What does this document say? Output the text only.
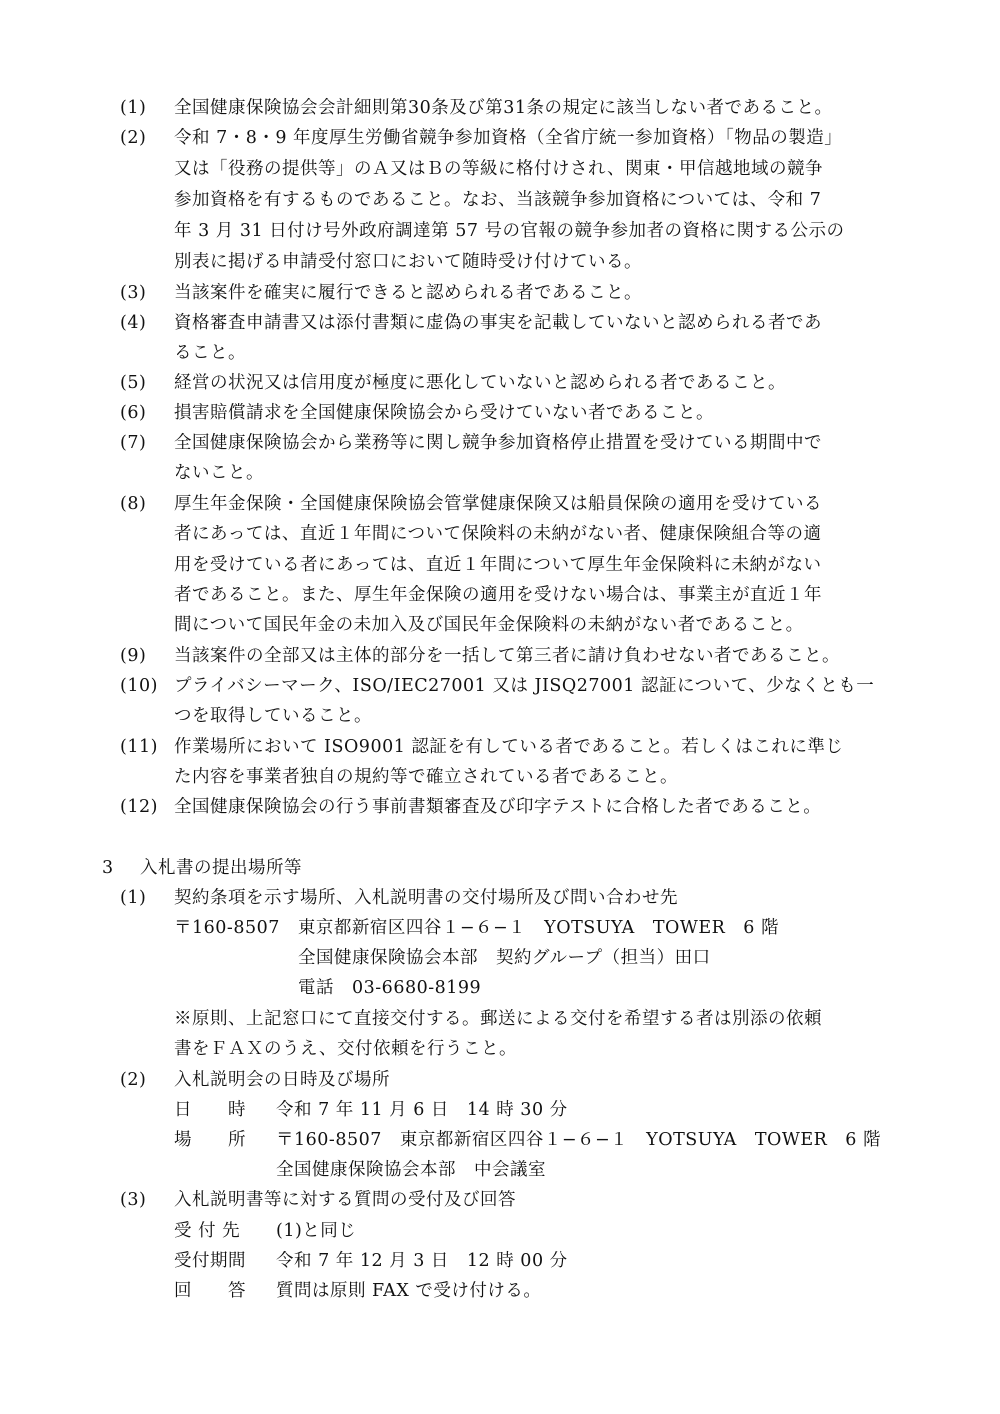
(1) 全国健康保険協会会計細則第30条及び第31条の規定に該当しない者であること。
(2) 令和 7・8・9 年度厚生労働省競争参加資格（全省庁統一参加資格）「物品の製造」
又は「役務の提供等」のＡ又はＢの等級に格付けされ、関東・甲信越地域の競争
参加資格を有するものであること。なお、当該競争参加資格については、令和 7
年 3 月 31 日付け号外政府調達第 57 号の官報の競争参加者の資格に関する公示の
別表に掲げる申請受付窓口において随時受け付けている。
(3) 当該案件を確実に履行できると認められる者であること。
(4) 資格審査申請書又は添付書類に虚偽の事実を記載していないと認められる者であ
ること。
(5) 経営の状況又は信用度が極度に悪化していないと認められる者であること。
(6) 損害賠償請求を全国健康保険協会から受けていない者であること。
(7) 全国健康保険協会から業務等に関し競争参加資格停止措置を受けている期間中で
ないこと。
(8) 厚生年金保険・全国健康保険協会管掌健康保険又は船員保険の適用を受けている
者にあっては、直近１年間について保険料の未納がない者、健康保険組合等の適
用を受けている者にあっては、直近１年間について厚生年金保険料に未納がない
者であること。また、厚生年金保険の適用を受けない場合は、事業主が直近１年
間について国民年金の未加入及び国民年金保険料の未納がない者であること。
(9) 当該案件の全部又は主体的部分を一括して第三者に請け負わせない者であること。
(10) プライバシーマーク、ISO/IEC27001 又は JISQ27001 認証について、少なくとも一
つを取得していること。
(11) 作業場所において ISO9001 認証を有している者であること。若しくはこれに準じ
た内容を事業者独自の規約等で確立されている者であること。
(12) 全国健康保険協会の行う事前書類審査及び印字テストに合格した者であること。
3 入札書の提出場所等
(1) 契約条項を示す場所、入札説明書の交付場所及び問い合わせ先
〒160-8507　東京都新宿区四谷１−６−１　YOTSUYA　TOWER　6 階
全国健康保険協会本部　契約グループ（担当）田口
電話　03-6680-8199
※原則、上記窓口にて直接交付する。郵送による交付を希望する者は別添の依頼
書をＦＡＸのうえ、交付依頼を行うこと。
(2) 入札説明会の日時及び場所
日　　時 令和 7 年 11 月 6 日　14 時 30 分
場　　所 〒160-8507　東京都新宿区四谷１−６−１　YOTSUYA　TOWER　6 階
全国健康保険協会本部　中会議室
(3) 入札説明書等に対する質問の受付及び回答
受 付 先 (1)と同じ
受付期間 令和 7 年 12 月 3 日　12 時 00 分
回　　答 質問は原則 FAX で受け付ける。
